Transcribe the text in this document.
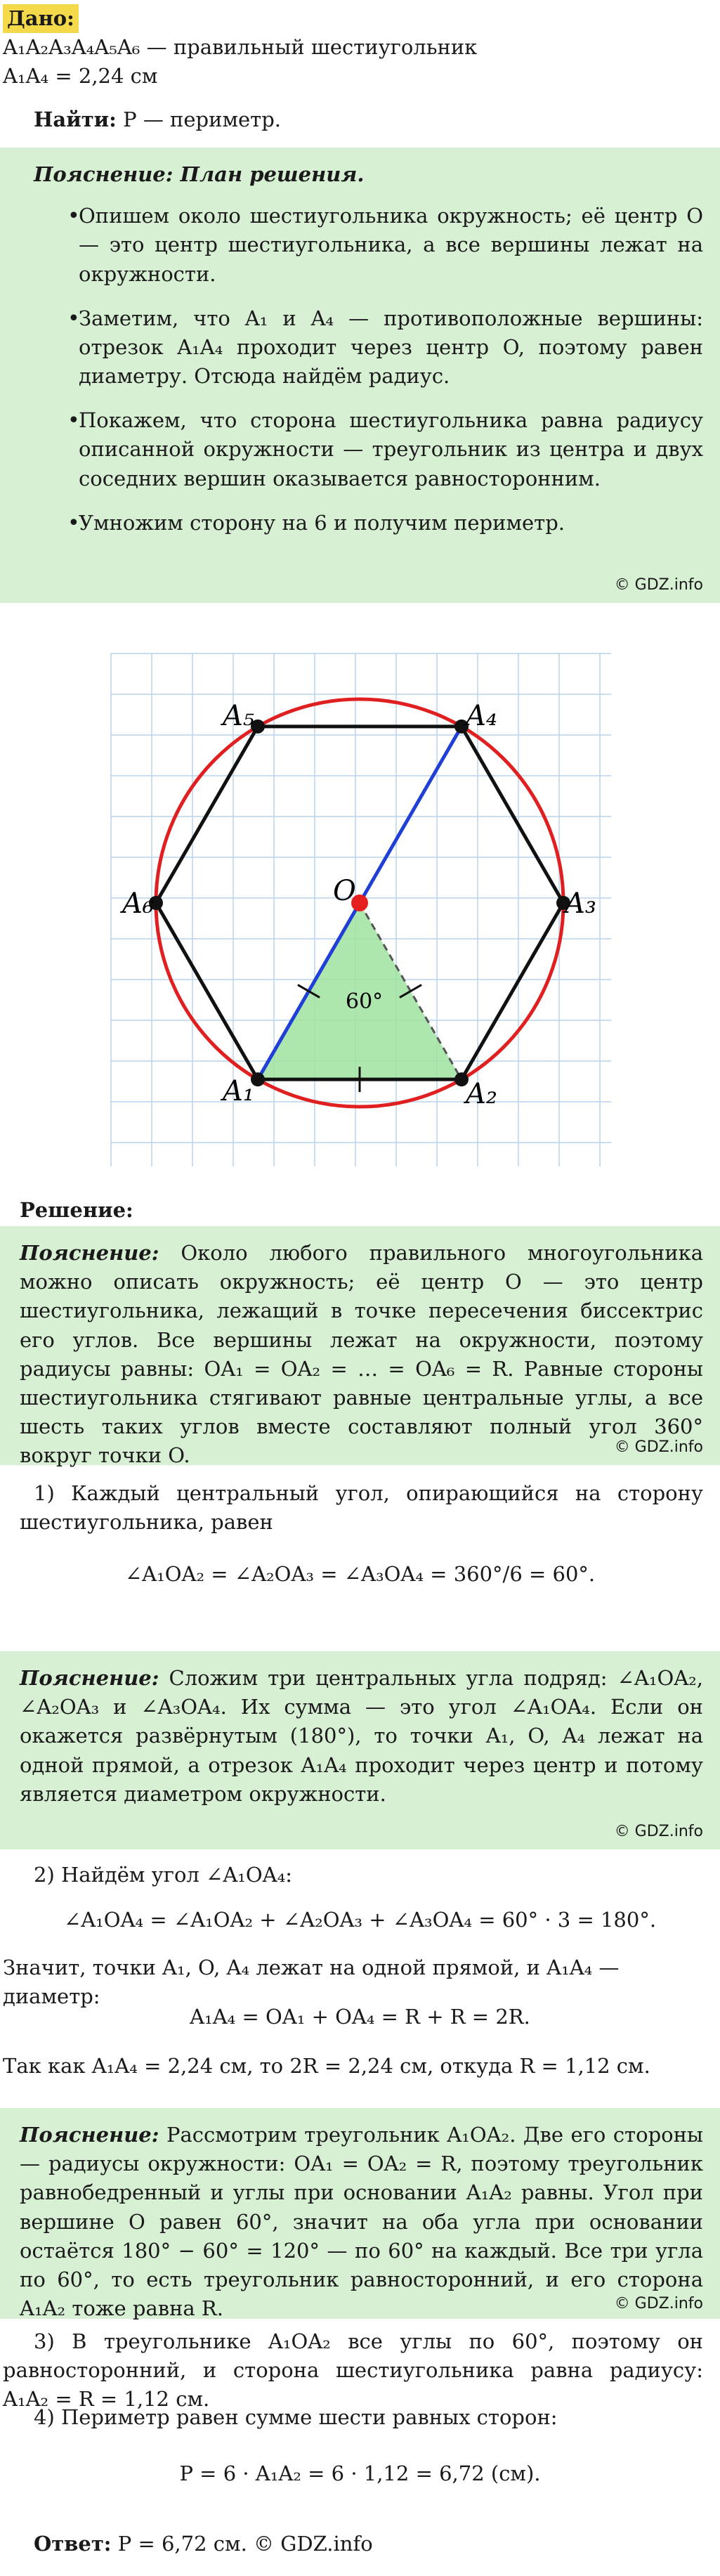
Дано:
A₁A₂A₃A₄A₅A₆ — правильный шестиугольник
A₁A₄ = 2,24 см
Найти: P — периметр.
Пояснение: План решения.
• Опишем около шестиугольника окружность; её центр O — это центр шестиугольника, а все вершины лежат на окружности.
• Заметим, что A₁ и A₄ — противоположные вершины: отрезок A₁A₄ проходит через центр O, поэтому равен диаметру. Отсюда найдём радиус.
• Покажем, что сторона шестиугольника равна радиусу описанной окружности — треугольник из центра и двух соседних вершин оказывается равносторонним.
• Умножим сторону на 6 и получим периметр.
© GDZ.info
A₁	A₂
A₃
A₄
A₅
A₆	O
60°
Решение:
Пояснение: Около любого правильного многоугольника можно описать окружность; её центр O — это центр шестиугольника, лежащий в точке пересечения биссектрис его углов. Все вершины лежат на окружности, поэтому радиусы равны: OA₁ = OA₂ = … = OA₆ = R. Равные стороны шестиугольника стягивают равные центральные углы, а все шесть таких углов вместе составляют полный угол 360° вокруг точки O.	© GDZ.info
1) Каждый центральный угол, опирающийся на сторону шестиугольника, равен
∠A₁OA₂ = ∠A₂OA₃ = ∠A₃OA₄ = 360°/6 = 60°.
Пояснение: Сложим три центральных угла подряд: ∠A₁OA₂, ∠A₂OA₃ и ∠A₃OA₄. Их сумма — это угол ∠A₁OA₄. Если он окажется развёрнутым (180°), то точки A₁, O, A₄ лежат на одной прямой, а отрезок A₁A₄ проходит через центр и потому является диаметром окружности.
© GDZ.info
2) Найдём угол ∠A₁OA₄:
∠A₁OA₄ = ∠A₁OA₂ + ∠A₂OA₃ + ∠A₃OA₄ = 60° · 3 = 180°.
Значит, точки A₁, O, A₄ лежат на одной прямой, и A₁A₄ — диаметр:
A₁A₄ = OA₁ + OA₄ = R + R = 2R.
Так как A₁A₄ = 2,24 см, то 2R = 2,24 см, откуда R = 1,12 см.
Пояснение: Рассмотрим треугольник A₁OA₂. Две его стороны — радиусы окружности: OA₁ = OA₂ = R, поэтому треугольник равнобедренный и углы при основании A₁A₂ равны. Угол при вершине O равен 60°, значит на оба угла при основании остаётся 180° − 60° = 120° — по 60° на каждый. Все три угла по 60°, то есть треугольник равносторонний, и его сторона A₁A₂ тоже равна R.	© GDZ.info
3) В треугольнике A₁OA₂ все углы по 60°, поэтому он равносторонний, и сторона шестиугольника равна радиусу: A₁A₂ = R = 1,12 см.
4) Периметр равен сумме шести равных сторон:
P = 6 · A₁A₂ = 6 · 1,12 = 6,72 (см).
Ответ: P = 6,72 см. © GDZ.info
